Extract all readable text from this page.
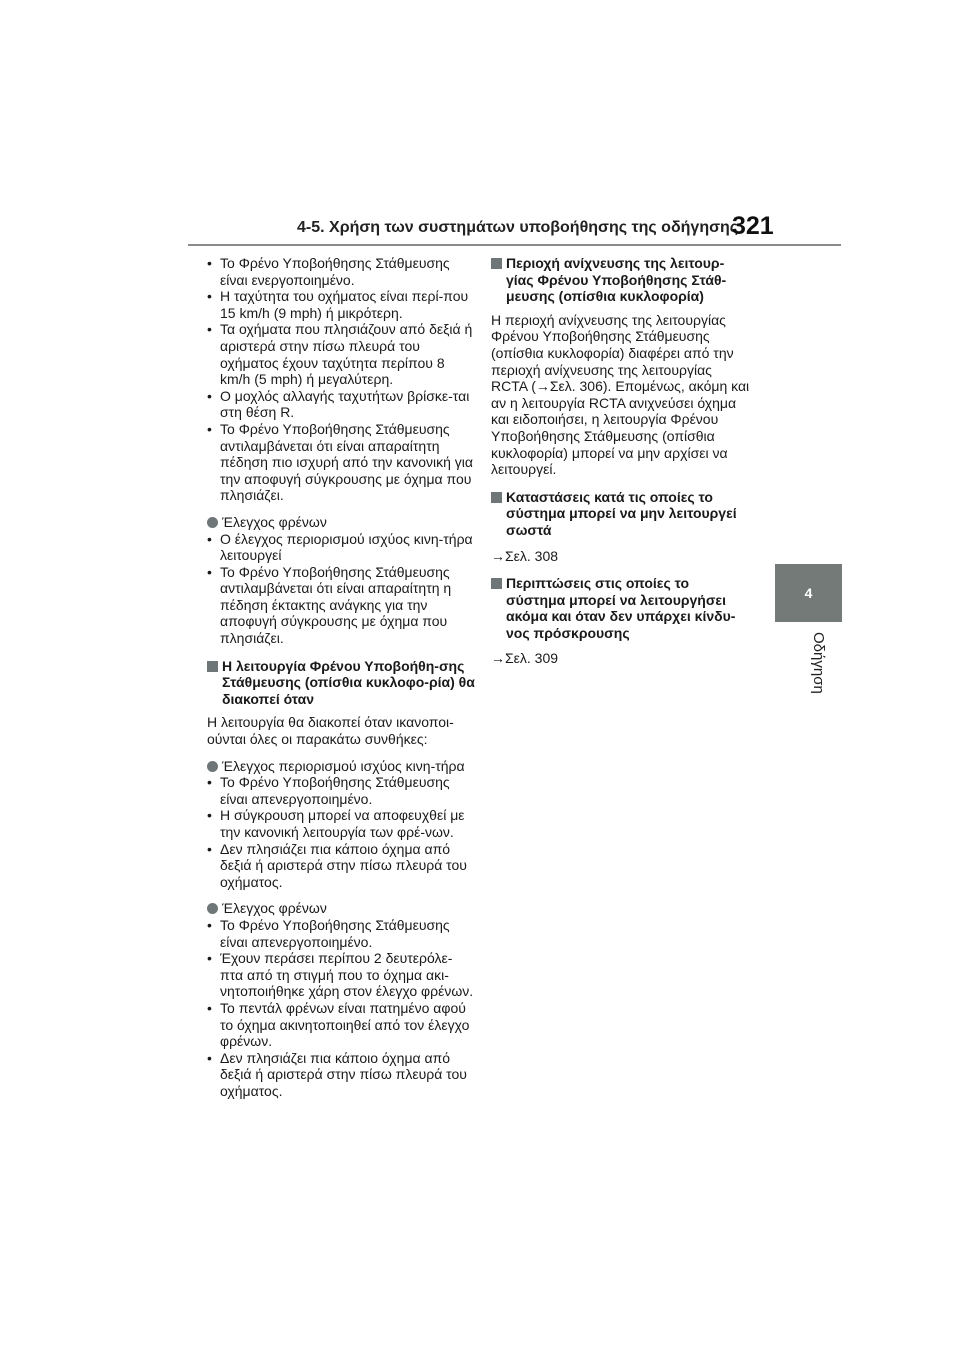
4-5. Χρήση των συστημάτων υποβοήθησης της οδήγησης
321
4
Οδήγηση
• Το Φρένο Υποβοήθησης Στάθμευσης είναι ενεργοποιημένο.
• Η ταχύτητα του οχήματος είναι περί-που 15 km/h (9 mph) ή μικρότερη.
• Τα οχήματα που πλησιάζουν από δεξιά ή αριστερά στην πίσω πλευρά του οχήματος έχουν ταχύτητα περίπου 8 km/h (5 mph) ή μεγαλύτερη.
• Ο μοχλός αλλαγής ταχυτήτων βρίσκε-ται στη θέση R.
• Το Φρένο Υποβοήθησης Στάθμευσης αντιλαμβάνεται ότι είναι απαραίτητη πέδηση πιο ισχυρή από την κανονική για την αποφυγή σύγκρουσης με όχημα που πλησιάζει.
Έλεγχος φρένων
• Ο έλεγχος περιορισμού ισχύος κινη-τήρα λειτουργεί
• Το Φρένο Υποβοήθησης Στάθμευσης αντιλαμβάνεται ότι είναι απαραίτητη η πέδηση έκτακτης ανάγκης για την αποφυγή σύγκρουσης με όχημα που πλησιάζει.
Η λειτουργία Φρένου Υποβοήθη-σης Στάθμευσης (οπίσθια κυκλοφο-ρία) θα διακοπεί όταν
Η λειτουργία θα διακοπεί όταν ικανοποι-ούνται όλες οι παρακάτω συνθήκες:
Έλεγχος περιορισμού ισχύος κινη-τήρα
• Το Φρένο Υποβοήθησης Στάθμευσης είναι απενεργοποιημένο.
• Η σύγκρουση μπορεί να αποφευχθεί με την κανονική λειτουργία των φρέ-νων.
• Δεν πλησιάζει πια κάποιο όχημα από δεξιά ή αριστερά στην πίσω πλευρά του οχήματος.
Έλεγχος φρένων
• Το Φρένο Υποβοήθησης Στάθμευσης είναι απενεργοποιημένο.
• Έχουν περάσει περίπου 2 δευτερόλε-πτα από τη στιγμή που το όχημα ακι-νητοποιήθηκε χάρη στον έλεγχο φρένων.
• Το πεντάλ φρένων είναι πατημένο αφού το όχημα ακινητοποιηθεί από τον έλεγχο φρένων.
• Δεν πλησιάζει πια κάποιο όχημα από δεξιά ή αριστερά στην πίσω πλευρά του οχήματος.
Περιοχή ανίχνευσης της λειτουρ-γίας Φρένου Υποβοήθησης Στάθ-μευσης (οπίσθια κυκλοφορία)
Η περιοχή ανίχνευσης της λειτουργίας Φρένου Υποβοήθησης Στάθμευσης (οπίσθια κυκλοφορία) διαφέρει από την περιοχή ανίχνευσης της λειτουργίας RCTA (→Σελ. 306). Επομένως, ακόμη και αν η λειτουργία RCTA ανιχνεύσει όχημα και ειδοποιήσει, η λειτουργία Φρένου Υποβοήθησης Στάθμευσης (οπίσθια κυκλοφορία) μπορεί να μην αρχίσει να λειτουργεί.
Καταστάσεις κατά τις οποίες το σύστημα μπορεί να μην λειτουργεί σωστά
→Σελ. 308
Περιπτώσεις στις οποίες το σύστημα μπορεί να λειτουργήσει ακόμα και όταν δεν υπάρχει κίνδυ-νος πρόσκρουσης
→Σελ. 309
